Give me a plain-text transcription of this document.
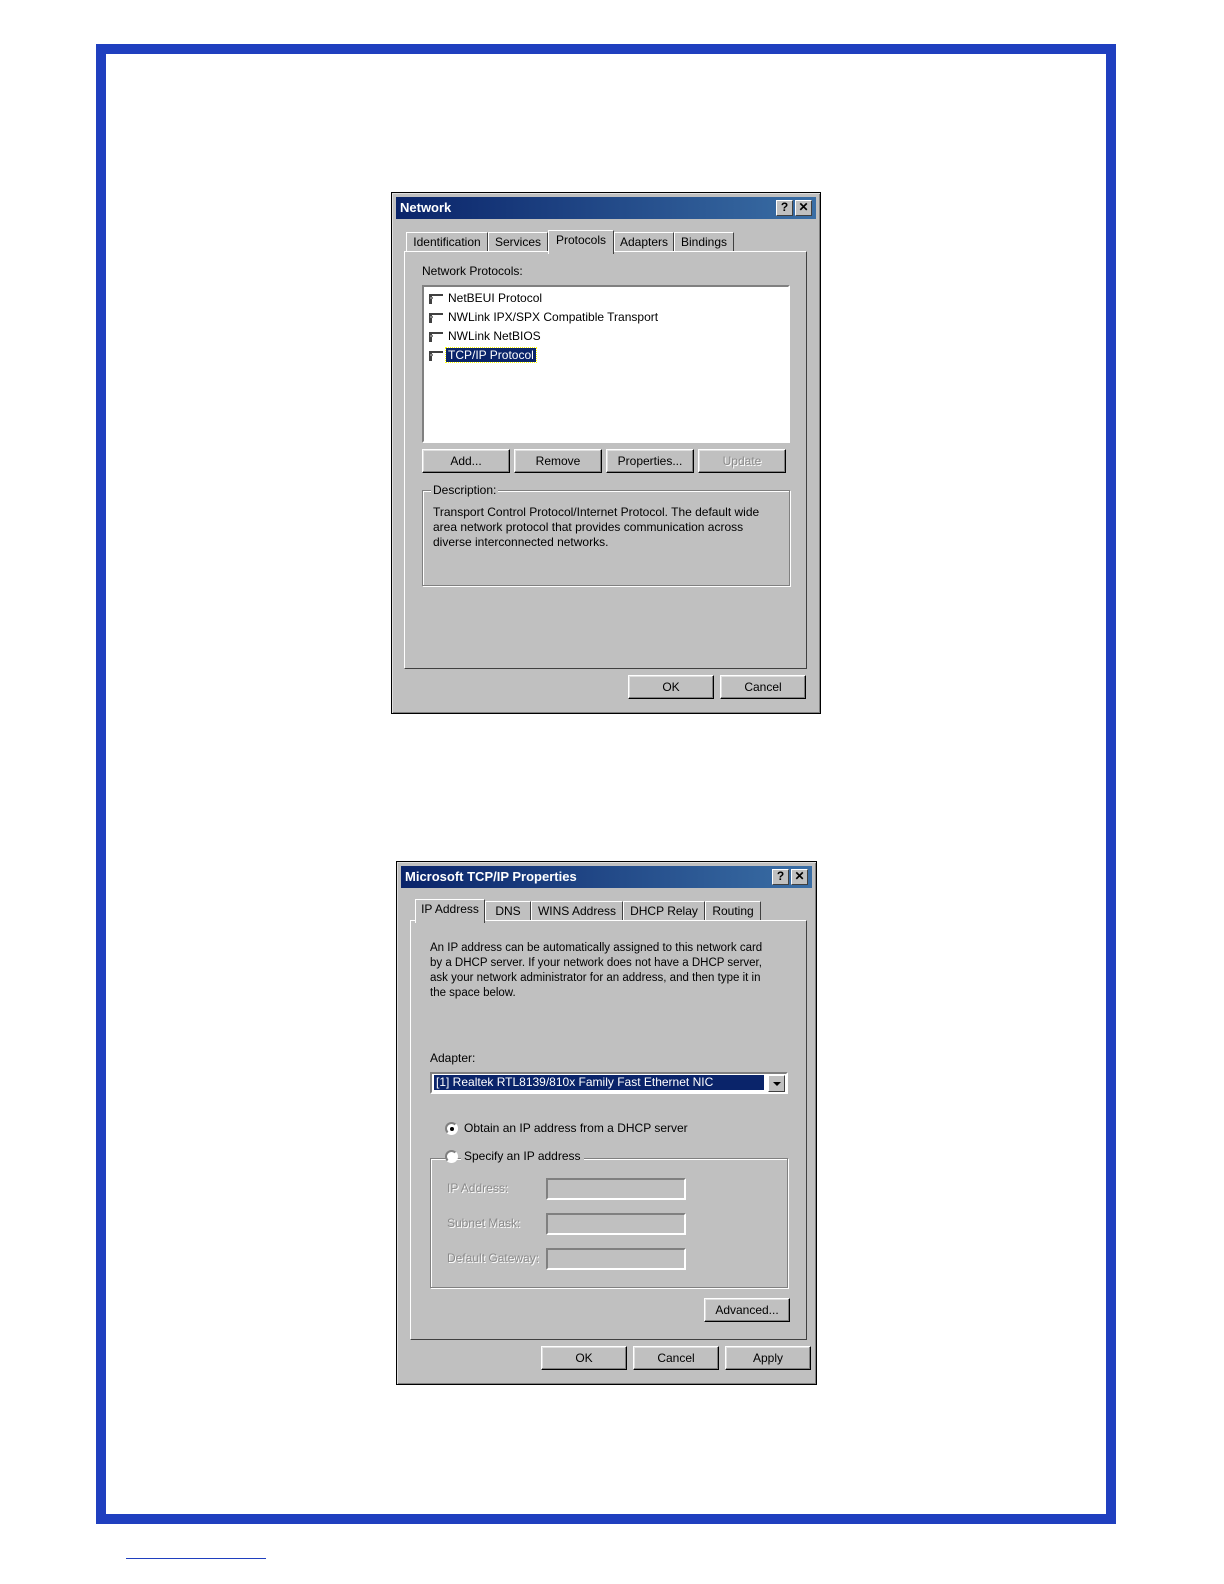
Network	? ✕
Identification	Services	Protocols	Adapters	Bindings
Network Protocols:
NetBEUI Protocol
NWLink IPX/SPX Compatible Transport
NWLink NetBIOS
TCP/IP Protocol
Add...	Remove	Properties...	Update
Description:
Transport Control Protocol/Internet Protocol. The default wide
area network protocol that provides communication across
diverse interconnected networks.
OK	Cancel
Microsoft TCP/IP Properties	? ✕
IP Address	DNS	WINS Address	DHCP Relay	Routing
An IP address can be automatically assigned to this network card
by a DHCP server. If your network does not have a DHCP server,
ask your network administrator for an address, and then type it in
the space below.
Adapter:
[1] Realtek RTL8139/810x Family Fast Ethernet NIC
Obtain an IP address from a DHCP server
Specify an IP address
IP Address:
Subnet Mask:
Default Gateway:
Advanced...
OK	Cancel	Apply
